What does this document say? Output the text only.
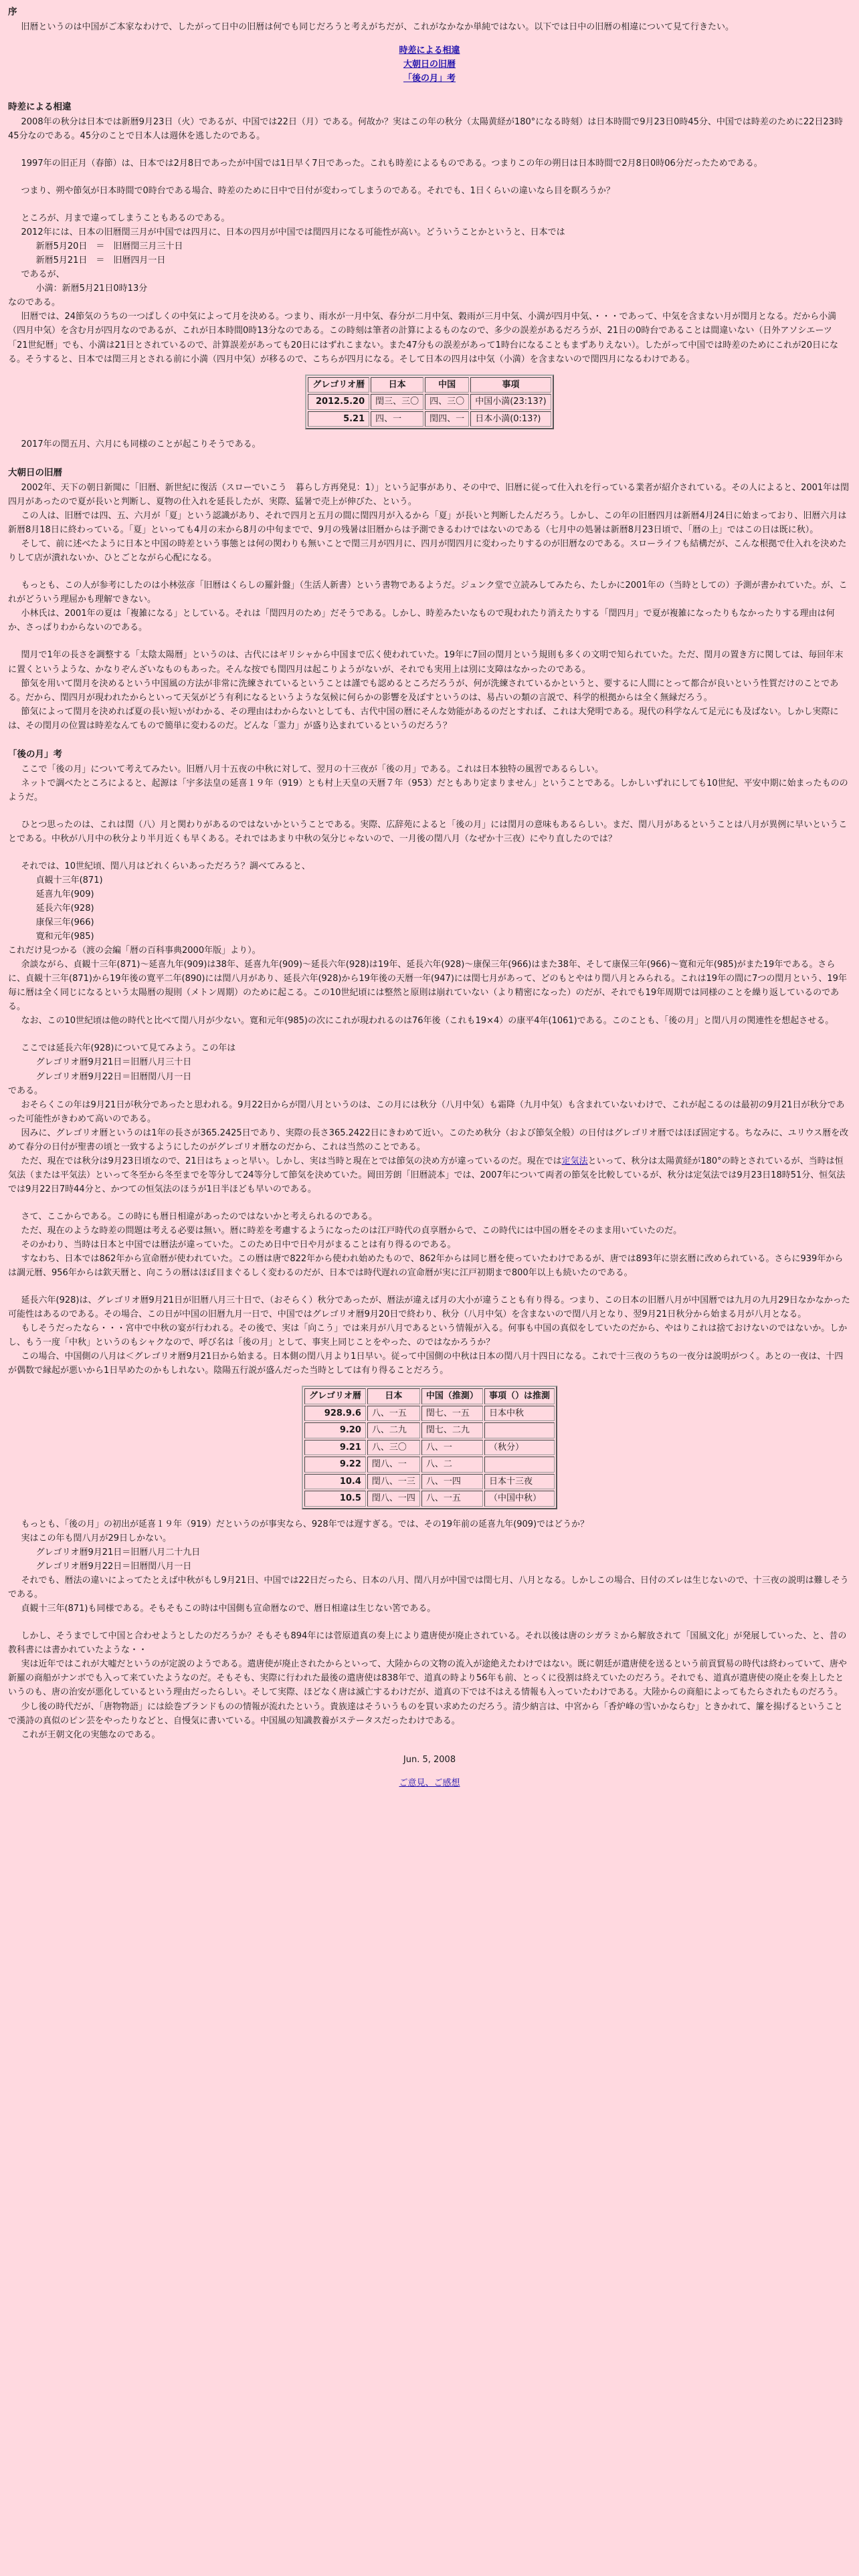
序

旧暦というのは中国がご本家なわけで、したがって日中の旧暦は何でも同じだろうと考えがちだが、これがなかなか単純ではない。以下では日中の旧暦の相違について見て行きたい。

時差による相違
大朝日の旧暦
「後の月」考
時差による相違

2008年の秋分は日本では新暦9月23日（火）であるが、中国では22日（月）である。何故か？実はこの年の秋分（太陽黄経が180°になる時刻）は日本時間で9月23日0時45分、中国では時差のために22日23時45分なのである。45分のことで日本人は週休を逃したのである。

1997年の旧正月（春節）は、日本では2月8日であったが中国では1日早く7日であった。これも時差によるものである。つまりこの年の朔日は日本時間で2月8日0時06分だったためである。

つまり、朔や節気が日本時間で0時台である場合、時差のために日中で日付が変わってしまうのである。それでも、1日くらいの違いなら目を瞑ろうか？

ところが、月まで違ってしまうこともあるのである。

2012年には、日本の旧暦閏三月が中国では四月に、日本の四月が中国では閏四月になる可能性が高い。どういうことかというと、日本では

新暦5月20日　＝　旧暦閏三月三十日

新暦5月21日　＝　旧暦四月一日

であるが、

小満：新暦5月21日0時13分

なのである。

旧暦では、24節気のうちの一つぱしくの中気によって月を決める。つまり、雨水が一月中気、春分が二月中気、穀雨が三月中気、小満が四月中気、・・・であって、中気を含まない月が閏月となる。だから小満（四月中気）を含む月が四月なのであるが、これが日本時間0時13分なのである。この時刻は筆者の計算によるものなので、多少の誤差があるだろうが、21日の0時台であることは間違いない（日外アソシエーツ「21世紀暦」でも、小満は21日とされているので、計算誤差があっても20日にはずれこまない。また47分もの誤差があって1時台になることもまずありえない）。したがって中国では時差のためにこれが20日になる。そうすると、日本では閏三月とされる前に小満（四月中気）が移るので、こちらが四月になる。そして日本の四月は中気（小満）を含まないので閏四月になるわけである。

グレゴリオ暦	日本	中国	事項
2012.5.20	閏三、三〇	四、三〇	中国小満(23:13?)
5.21	四、一	閏四、一	日本小満(0:13?)

2017年の閏五月、六月にも同様のことが起こりそうである。

大朝日の旧暦

2002年、天下の朝日新聞に「旧暦、新世紀に復活（スローでいこう　暮らし方再発見：1）」という記事があり、その中で、旧暦に従って仕入れを行っている業者が紹介されている。その人によると、2001年は閏四月があったので夏が長いと判断し、夏物の仕入れを延長したが、実際、猛暑で売上が伸びた、という。

この人は、旧暦では四、五、六月が「夏」という認識があり、それで四月と五月の間に閏四月が入るから「夏」が長いと判断したんだろう。しかし、この年の旧暦四月は新暦4月24日に始まっており、旧暦六月は新暦8月18日に終わっている。「夏」といっても4月の末から8月の中旬までで、9月の残暑は旧暦からは予測できるわけではないのである（七月中の処暑は新暦8月23日頃で、「暦の上」ではこの日は既に秋）。

そして、前に述べたように日本と中国の時差という事態とは何の関わりも無いことで閏三月が四月に、四月が閏四月に変わったりするのが旧暦なのである。スローライフも結構だが、こんな根拠で仕入れを決めたりして店が潰れないか、ひとごとながら心配になる。

もっとも、この人が参考にしたのは小林弦彦「旧暦はくらしの羅針盤」（生活人新書）という書物であるようだ。ジュンク堂で立読みしてみたら、たしかに2001年の（当時としての）予測が書かれていた。が、これがどういう理屈かも理解できない。

小林氏は、2001年の夏は「複雑になる」としている。それは「閏四月のため」だそうである。しかし、時差みたいなもので現われたり消えたりする「閏四月」で夏が複雑になったりもなかったりする理由は何か、さっぱりわからないのである。

閏月で1年の長さを調整する「太陰太陽暦」というのは、古代にはギリシャから中国まで広く使われていた。19年に7回の閏月という規則も多くの文明で知られていた。ただ、閏月の置き方に関しては、毎回年末に置くというような、かなりぞんざいなものもあった。そんな按でも閏四月は起こりようがないが、それでも実用上は別に支障はなかったのである。

節気を用いて閏月を決めるという中国風の方法が非常に洗練されているということは謹でも認めるところだろうが、何が洗練されているかというと、要するに人間にとって都合が良いという性質だけのことである。だから、閏四月が現われたからといって天気がどう有利になるというような気候に何らかの影響を及ぼすというのは、易占いの類の言説で、科学的根拠からは全く無縁だろう。

節気によって閏月を決めれば夏の長い短いがわかる、その理由はわからないとしても、古代中国の暦にそんな効能があるのだとすれば、これは大発明である。現代の科学なんて足元にも及ばない。しかし実際には、その閏月の位置は時差なんてもので簡単に変わるのだ。どんな「霊力」が盛り込まれているというのだろう？

「後の月」考

ここで「後の月」について考えてみたい。旧暦八月十五夜の中秋に対して、翌月の十三夜が「後の月」である。これは日本独特の風習であるらしい。

ネットで調べたところによると、起源は「宇多法皇の延喜１９年（919）とも村上天皇の天暦７年（953）だともあり定まりません」ということである。しかしいずれにしても10世紀、平安中期に始まったもののようだ。

ひとつ思ったのは、これは閏（八）月と関わりがあるのではないかということである。実際、広辞苑によると「後の月」には閏月の意味もあるらしい。まだ、閏八月があるということは八月が異例に早いということである。中秋が八月中の秋分より半月近くも早くある。それではあまり中秋の気分じゃないので、一月後の閏八月（なぜか十三夜）にやり直したのでは？

それでは、10世紀頃、閏八月はどれくらいあっただろう？調べてみると、

貞観十三年(871)

延喜九年(909)

延長六年(928)

康保三年(966)

寛和元年(985)

これだけ見つかる（渡の会編「暦の百科事典2000年版」より）。

余談ながら、貞観十三年(871)〜延喜九年(909)は38年、延喜九年(909)〜延長六年(928)は19年、延長六年(928)〜康保三年(966)はまた38年、そして康保三年(966)〜寛和元年(985)がまた19年である。さらに、貞観十三年(871)から19年後の寛平二年(890)には閏八月があり、延長六年(928)から19年後の天暦一年(947)には閏七月があって、どのもとやはり閏八月とみられる。これは19年の間に7つの閏月という、19年毎に暦は全く同じになるという太陽暦の規則（メトン周期）のために起こる。この10世紀頃には整然と原則は崩れていない（より精密になった）のだが、それでも19年周期では同様のことを繰り返しているのである。

なお、この10世紀頃は他の時代と比べて閏八月が少ない。寛和元年(985)の次にこれが現われるのは76年後（これも19×4）の康平4年(1061)である。このことも、「後の月」と閏八月の関連性を想起させる。

ここでは延長六年(928)について見てみよう。この年は

グレゴリオ暦9月21日＝旧暦八月三十日

グレゴリオ暦9月22日＝旧暦閏八月一日

である。

おそらくこの年は9月21日が秋分であったと思われる。9月22日からが閏八月というのは、この月には秋分（八月中気）も霜降（九月中気）も含まれていないわけで、これが起こるのは最初の9月21日が秋分であった可能性がきわめて高いのである。

因みに、グレゴリオ暦というのは1年の長さが365.2425日であり、実際の長さ365.2422日にきわめて近い。このため秋分（および節気全般）の日付はグレゴリオ暦ではほぼ固定する。ちなみに、ユリウス暦を改めて春分の日付が聖書の頃と一致するようにしたのがグレゴリオ暦なのだから、これは当然のことである。

ただ、現在では秋分は9月23日頃なので、21日はちょっと早い。しかし、実は当時と現在とでは節気の決め方が違っているのだ。現在では定気法といって、秋分は太陽黄経が180°の時とされているが、当時は恒気法（または平気法）といって冬至から冬至までを等分して24等分して節気を決めていた。岡田芳朗「旧暦読本」では、2007年について両者の節気を比較しているが、秋分は定気法では9月23日18時51分、恒気法では9月22日7時44分と、かつての恒気法のほうが1日半ほども早いのである。

さて、ここからである。この時にも暦日相違があったのではないかと考えられるのである。

ただ、現在のような時差の問題は考える必要は無い。暦に時差を考慮するようになったのは江戸時代の貞享暦からで、この時代には中国の暦をそのまま用いていたのだ。

そのかわり、当時は日本と中国では暦法が違っていた。このため日中で日や月がまることは有り得るのである。

すなわち、日本では862年から宣命暦が使われていた。この暦は唐で822年から使われ始めたもので、862年からは同じ暦を使っていたわけであるが、唐では893年に崇玄暦に改められている。さらに939年からは調元暦、956年からは欽天暦と、向こうの暦はほぼ目まぐるしく変わるのだが、日本では時代遅れの宣命暦が実に江戸初期まで800年以上も続いたのである。

延長六年(928)は、グレゴリオ暦9月21日が旧暦八月三十日で、（おそらく）秋分であったが、暦法が違えば月の大小が違うことも有り得る。つまり、この日本の旧暦八月が中国暦では九月の九月29日なかなかった可能性はあるのである。その場合、この日が中国の旧暦九月一日で、中国ではグレゴリオ暦9月20日で終わり、秋分（八月中気）を含まないので閏八月となり、翌9月21日秋分から始まる月が八月となる。

もしそうだったなら・・・宮中で中秋の宴が行われる。その後で、実は「向こう」では来月が八月であるという情報が入る。何事も中国の真似をしていたのだから、やはりこれは捨ておけないのではないか。しかし、もう一度「中秋」というのもシャクなので、呼び名は「後の月」として、事実上同じことをやった、のではなかろうか？

この場合、中国側の八月は＜グレゴリオ暦9月21日から始まる。日本側の閏八月より1日早い。従って中国側の中秋は日本の閏八月十四日になる。これで十三夜のうちの一夜分は説明がつく。あとの一夜は、十四が偶数で縁起が悪いから1日早めたのかもしれない。陰陽五行説が盛んだった当時としては有り得ることだろう。

グレゴリオ暦	日本	中国（推測）	事項（）は推測
928.9.6	八、一五	閏七、一五	日本中秋
9.20	八、二九	閏七、二九	
9.21	八、三〇	八、一	（秋分）
9.22	閏八、一	八、二	
10.4	閏八、一三	八、一四	日本十三夜
10.5	閏八、一四	八、一五	（中国中秋）

もっとも、「後の月」の初出が延喜１９年（919）だというのが事実なら、928年では遅すぎる。では、その19年前の延喜九年(909)ではどうか？

実はこの年も閏八月が29日しかない。

グレゴリオ暦9月21日＝旧暦八月二十九日

グレゴリオ暦9月22日＝旧暦閏八月一日

それでも、暦法の違いによってたとえば中秋がもし9月21日、中国では22日だったら、日本の八月、閏八月が中国では閏七月、八月となる。しかしこの場合、日付のズレは生じないので、十三夜の説明は難しそうである。

貞観十三年(871)も同様である。そもそもこの時は中国側も宣命暦なので、暦日相違は生じない筈である。

しかし、そうまでして中国と合わせようとしたのだろうか？そもそも894年には菅原道真の奏上により遣唐使が廃止されている。それ以後は唐のシガラミから解放されて「国風文化」が発展していった、と、昔の教科書には書かれていたような・・

実は近年ではこれが大嘘だというのが定説のようである。遣唐使が廃止されたからといって、大陸からの文物の流入が途絶えたわけではない。既に朝廷が遣唐使を送るという前貢貿易の時代は終わっていて、唐や新羅の商船がナンボでも入って来ていたようなのだ。そもそも、実際に行われた最後の遣唐使は838年で、道真の時より56年も前、とっくに役割は終えていたのだろう。それでも、道真が遣唐使の廃止を奏上したというのも、唐の治安が悪化しているという理由だったらしい。そして実際、ほどなく唐は滅亡するわけだが、道真の下では不はえる情報も入っていたわけである。大陸からの商船によってもたらされたものだろう。

少し後の時代だが、「唐物物語」には絵巻ブランドものの情報が流れたという。貴族達はそういうものを買い求めたのだろう。清少納言は、中宮から「香炉峰の雪いかならむ」ときかれて、簾を揚げるということで漢詩の真似のピン芸をやったりなどと、自慢気に書いている。中国風の知識教養がステータスだったわけである。

これが王朝文化の実態なのである。

Jun. 5, 2008

ご意見、ご感想
